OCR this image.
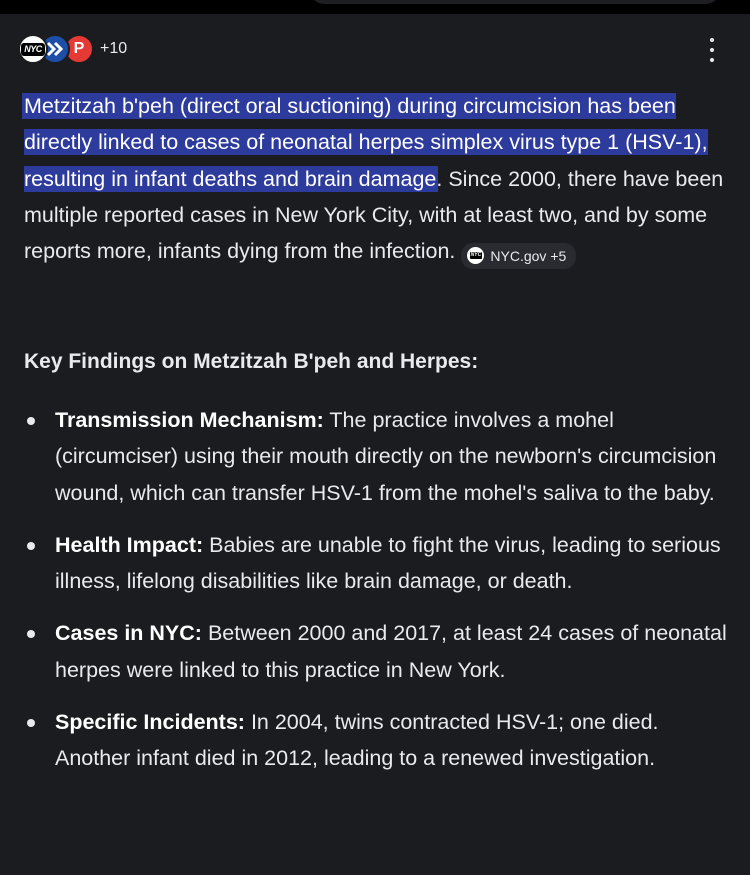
NYC P +10
Metzitzah b'peh (direct oral suctioning) during circumcision has been directly linked to cases of neonatal herpes simplex virus type 1 (HSV-1), resulting in infant deaths and brain damage. Since 2000, there have been multiple reported cases in New York City, with at least two, and by some reports more, infants dying from the infection.	NYC NYC.gov +5
Key Findings on Metzitzah B'peh and Herpes:
Transmission Mechanism: The practice involves a mohel (circumciser) using their mouth directly on the newborn's circumcision wound, which can transfer HSV-1 from the mohel's saliva to the baby.
Health Impact: Babies are unable to fight the virus, leading to serious illness, lifelong disabilities like brain damage, or death.
Cases in NYC: Between 2000 and 2017, at least 24 cases of neonatal herpes were linked to this practice in New York.
Specific Incidents: In 2004, twins contracted HSV-1; one died. Another infant died in 2012, leading to a renewed investigation.
